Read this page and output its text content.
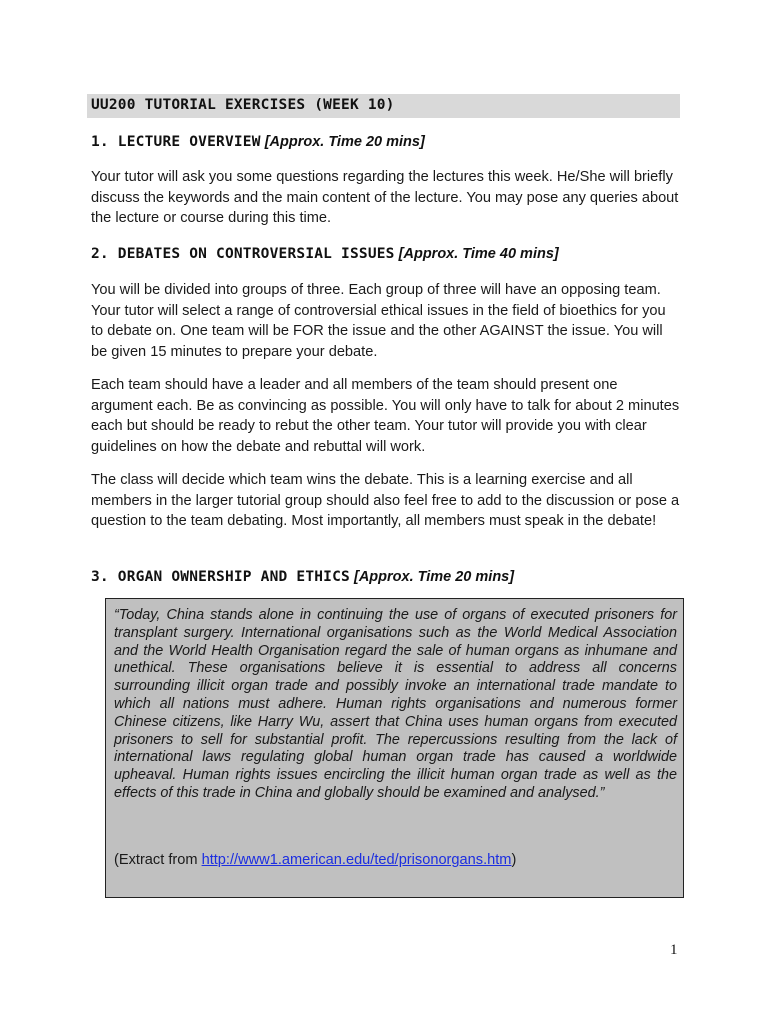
UU200 TUTORIAL EXERCISES (WEEK 10)
1. LECTURE OVERVIEW [Approx. Time 20 mins]

Your tutor will ask you some questions regarding the lectures this week. He/She will briefly discuss the keywords and the main content of the lecture. You may pose any queries about the lecture or course during this time.

2. DEBATES ON CONTROVERSIAL ISSUES [Approx. Time 40 mins]

You will be divided into groups of three. Each group of three will have an opposing team. Your tutor will select a range of controversial ethical issues in the field of bioethics for you to debate on. One team will be FOR the issue and the other AGAINST the issue. You will be given 15 minutes to prepare your debate.

Each team should have a leader and all members of the team should present one argument each. Be as convincing as possible. You will only have to talk for about 2 minutes each but should be ready to rebut the other team. Your tutor will provide you with clear guidelines on how the debate and rebuttal will work.

The class will decide which team wins the debate. This is a learning exercise and all members in the larger tutorial group should also feel free to add to the discussion or pose a question to the team debating. Most importantly, all members must speak in the debate!

3. ORGAN OWNERSHIP AND ETHICS [Approx. Time 20 mins]

“Today, China stands alone in continuing the use of organs of executed prisoners for transplant surgery. International organisations such as the World Medical Association and the World Health Organisation regard the sale of human organs as inhumane and unethical. These organisations believe it is essential to address all concerns surrounding illicit organ trade and possibly invoke an international trade mandate to which all nations must adhere. Human rights organisations and numerous former Chinese citizens, like Harry Wu, assert that China uses human organs from executed prisoners to sell for substantial profit. The repercussions resulting from the lack of international laws regulating global human organ trade has caused a worldwide upheaval. Human rights issues encircling the illicit human organ trade as well as the effects of this trade in China and globally should be examined and analysed.”

(Extract from http://www1.american.edu/ted/prisonorgans.htm)
1
